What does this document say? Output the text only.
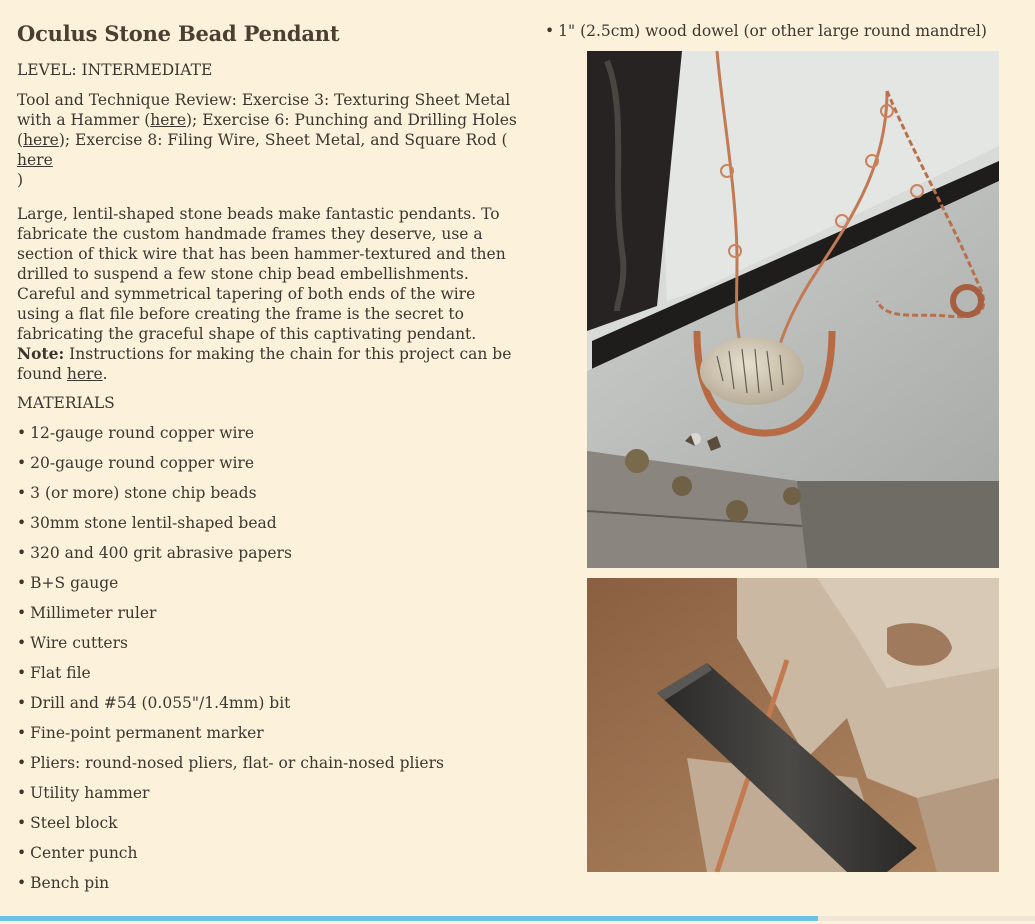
Oculus Stone Bead Pendant

LEVEL: INTERMEDIATE

Tool and Technique Review: Exercise 3: Texturing Sheet Metal with a Hammer (here); Exercise 6: Punching and Drilling Holes (here); Exercise 8: Filing Wire, Sheet Metal, and Square Rod (
here
)

Large, lentil-shaped stone beads make fantastic pendants. To fabricate the custom handmade frames they deserve, use a section of thick wire that has been hammer-textured and then drilled to suspend a few stone chip bead embellishments. Careful and symmetrical tapering of both ends of the wire using a flat file before creating the frame is the secret to fabricating the graceful shape of this captivating pendant. Note: Instructions for making the chain for this project can be found here.

MATERIALS

• 12-gauge round copper wire
• 20-gauge round copper wire
• 3 (or more) stone chip beads
• 30mm stone lentil-shaped bead
• 320 and 400 grit abrasive papers
• B+S gauge
• Millimeter ruler
• Wire cutters
• Flat file
• Drill and #54 (0.055"/1.4mm) bit
• Fine-point permanent marker
• Pliers: round-nosed pliers, flat- or chain-nosed pliers
• Utility hammer
• Steel block
• Center punch
• Bench pin
• 1" (2.5cm) wood dowel (or other large round mandrel)
